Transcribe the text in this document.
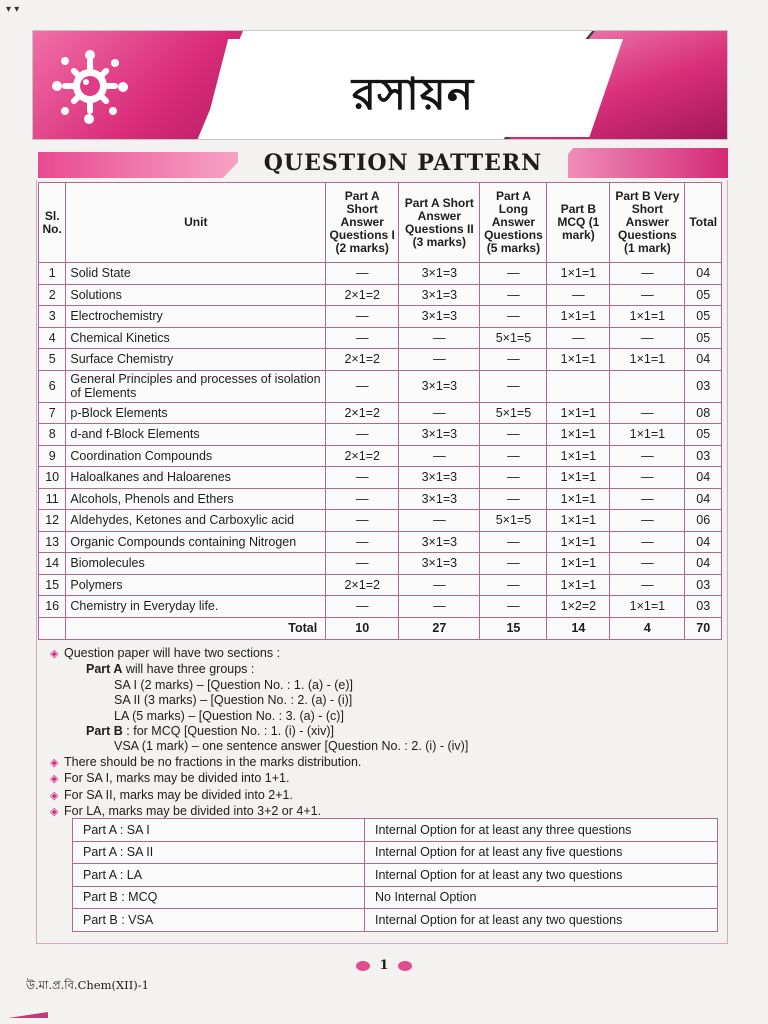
▾ ▾
রসায়ন
QUESTION PATTERN
Sl. No.	Unit	Part A Short Answer Questions I (2 marks)	Part A Short Answer Questions II (3 marks)	Part A Long Answer Questions (5 marks)	Part B MCQ (1 mark)	Part B Very Short Answer Questions (1 mark)	Total
1	Solid State	—	3×1=3	—	1×1=1	—	04
2	Solutions	2×1=2	3×1=3	—	—	—	05
3	Electrochemistry	—	3×1=3	—	1×1=1	1×1=1	05
4	Chemical Kinetics	—	—	5×1=5	—	—	05
5	Surface Chemistry	2×1=2	—	—	1×1=1	1×1=1	04
6	General Principles and processes of isolation of Elements	—	3×1=3	—			03
7	p-Block Elements	2×1=2	—	5×1=5	1×1=1	—	08
8	d-and f-Block Elements	—	3×1=3	—	1×1=1	1×1=1	05
9	Coordination Compounds	2×1=2	—	—	1×1=1	—	03
10	Haloalkanes and Haloarenes	—	3×1=3	—	1×1=1	—	04
11	Alcohols, Phenols and Ethers	—	3×1=3	—	1×1=1	—	04
12	Aldehydes, Ketones and Carboxylic acid	—	—	5×1=5	1×1=1	—	06
13	Organic Compounds containing Nitrogen	—	3×1=3	—	1×1=1	—	04
14	Biomolecules	—	3×1=3	—	1×1=1	—	04
15	Polymers	2×1=2	—	—	1×1=1	—	03
16	Chemistry in Everyday life.	—	—	—	1×2=2	1×1=1	03
	Total	10	27	15	14	4	70
◈ Question paper will have two sections :
Part A will have three groups :
SA I (2 marks) – [Question No. : 1. (a) - (e)]
SA II (3 marks) – [Question No. : 2. (a) - (i)]
LA (5 marks) – [Question No. : 3. (a) - (c)]
Part B : for MCQ [Question No. : 1. (i) - (xiv)]
VSA (1 mark) – one sentence answer [Question No. : 2. (i) - (iv)]
◈ There should be no fractions in the marks distribution.
◈ For SA I, marks may be divided into 1+1.
◈ For SA II, marks may be divided into 2+1.
◈ For LA, marks may be divided into 3+2 or 4+1.
Part A : SA I	Internal Option for at least any three questions
Part A : SA II	Internal Option for at least any five questions
Part A : LA	Internal Option for at least any two questions
Part B : MCQ	No Internal Option
Part B : VSA	Internal Option for at least any two questions
1
উ.মা.প্র.বি.Chem(XII)-1
